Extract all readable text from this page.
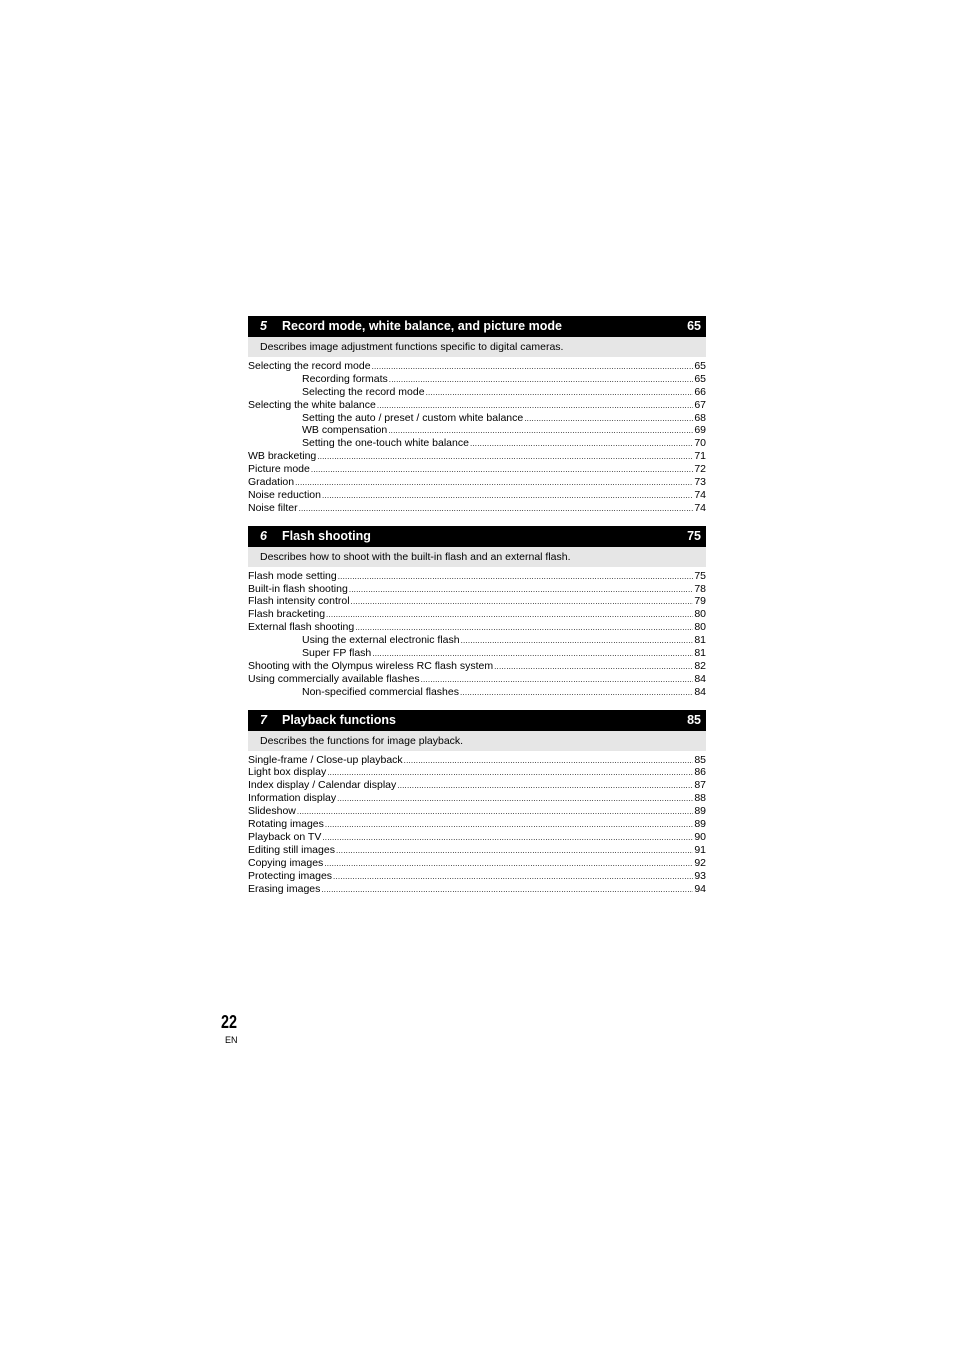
5 Record mode, white balance, and picture mode	65
Describes image adjustment functions specific to digital cameras.
Selecting the record mode .....	65
Recording formats .....	65
Selecting the record mode .....	66
Selecting the white balance .....	67
Setting the auto / preset / custom white balance .....	68
WB compensation .....	69
Setting the one-touch white balance .....	70
WB bracketing .....	71
Picture mode .....	72
Gradation .....	73
Noise reduction .....	74
Noise filter .....	74
6 Flash shooting	75
Describes how to shoot with the built-in flash and an external flash.
Flash mode setting .....	75
Built-in flash shooting .....	78
Flash intensity control .....	79
Flash bracketing .....	80
External flash shooting .....	80
Using the external electronic flash .....	81
Super FP flash .....	81
Shooting with the Olympus wireless RC flash system .....	82
Using commercially available flashes .....	84
Non-specified commercial flashes .....	84
7 Playback functions	85
Describes the functions for image playback.
Single-frame / Close-up playback .....	85
Light box display .....	86
Index display / Calendar display .....	87
Information display .....	88
Slideshow .....	89
Rotating images .....	89
Playback on TV .....	90
Editing still images .....	91
Copying images .....	92
Protecting images .....	93
Erasing images .....	94
22
EN
